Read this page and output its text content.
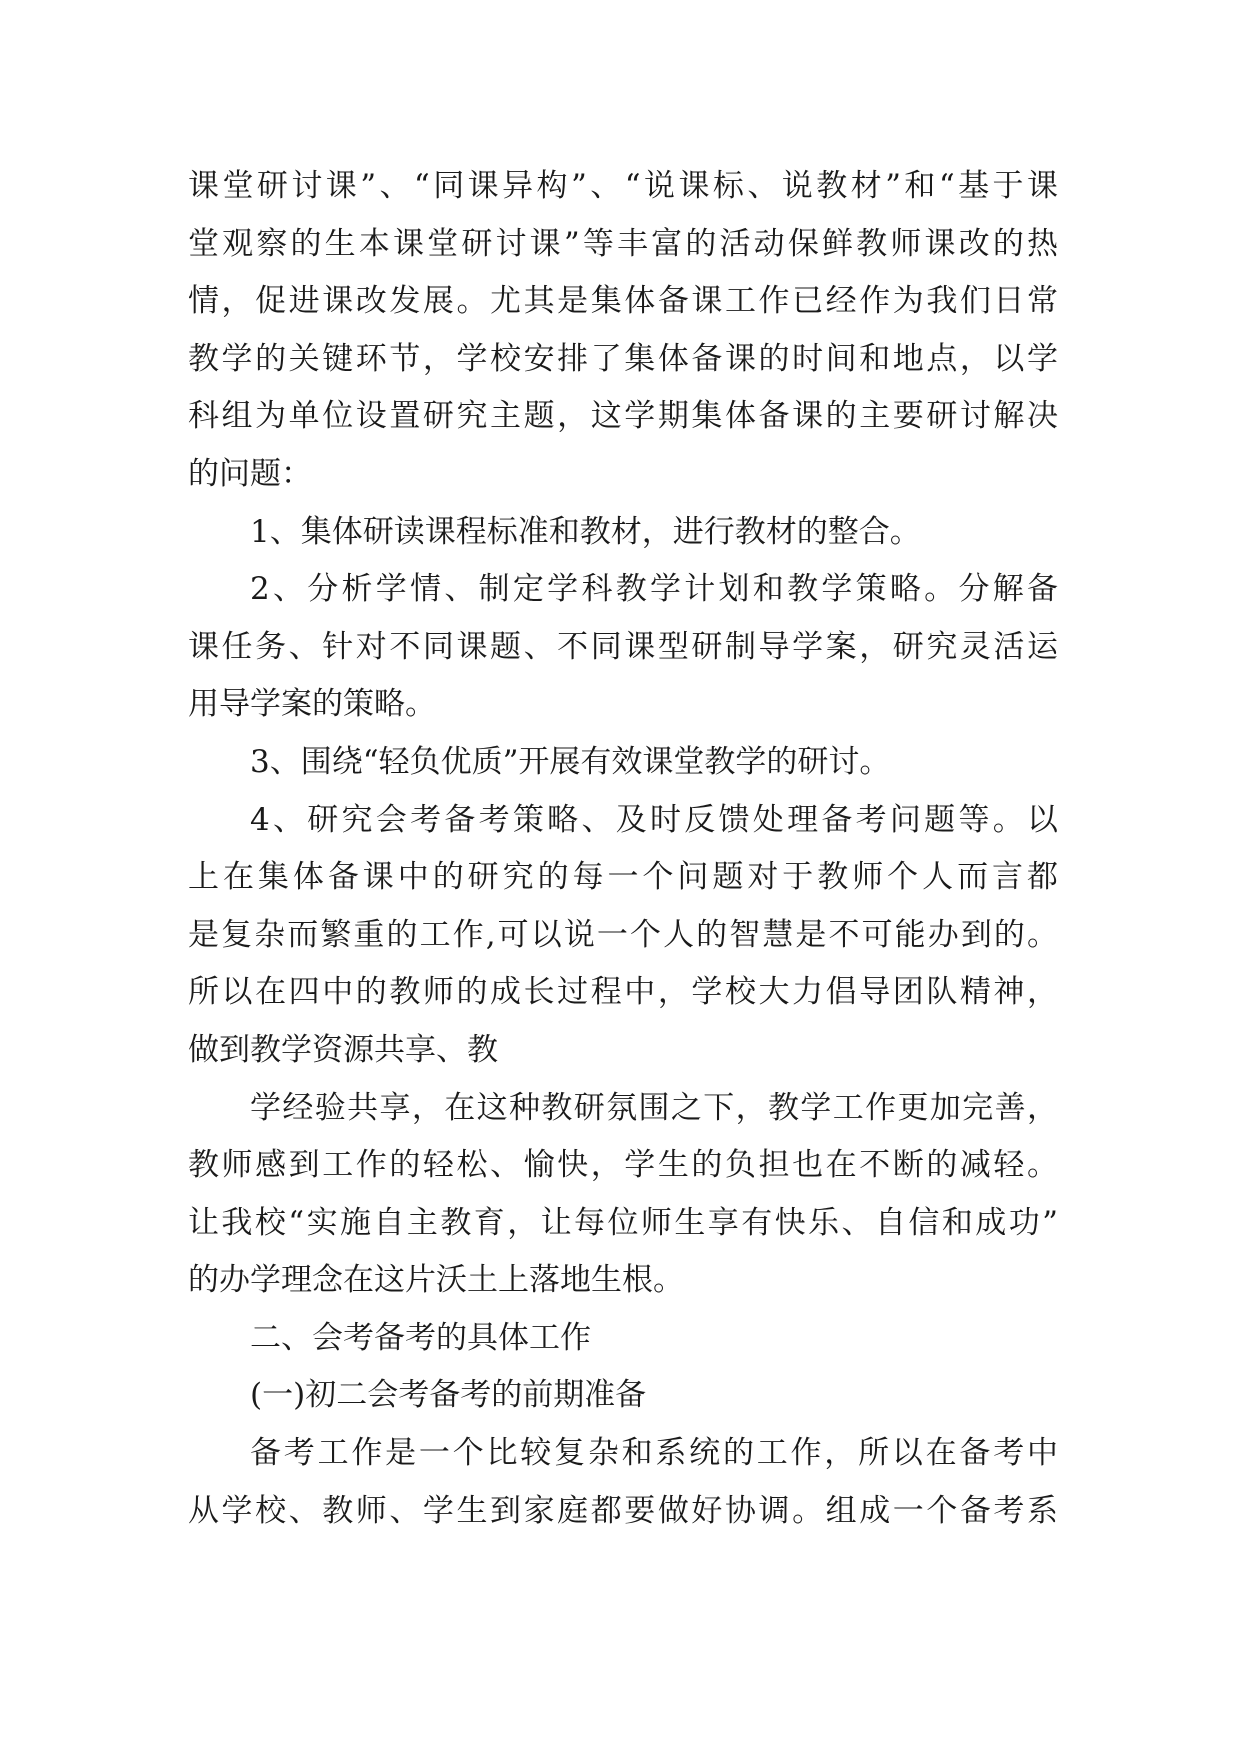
课堂研讨课”、“同课异构”、“说课标、说教材”和“基于课
堂观察的生本课堂研讨课”等丰富的活动保鲜教师课改的热
情，促进课改发展。尤其是集体备课工作已经作为我们日常
教学的关键环节，学校安排了集体备课的时间和地点，以学
科组为单位设置研究主题，这学期集体备课的主要研讨解决
的问题：
1、集体研读课程标准和教材，进行教材的整合。
2、分析学情、制定学科教学计划和教学策略。分解备
课任务、针对不同课题、不同课型研制导学案，研究灵活运
用导学案的策略。
3、围绕“轻负优质”开展有效课堂教学的研讨。
4、研究会考备考策略、及时反馈处理备考问题等。以
上在集体备课中的研究的每一个问题对于教师个人而言都
是复杂而繁重的工作,可以说一个人的智慧是不可能办到的。
所以在四中的教师的成长过程中，学校大力倡导团队精神，
做到教学资源共享、教
学经验共享，在这种教研氛围之下，教学工作更加完善，
教师感到工作的轻松、愉快，学生的负担也在不断的减轻。
让我校“实施自主教育，让每位师生享有快乐、自信和成功”
的办学理念在这片沃土上落地生根。
二、会考备考的具体工作
(一)初二会考备考的前期准备
备考工作是一个比较复杂和系统的工作，所以在备考中
从学校、教师、学生到家庭都要做好协调。组成一个备考系
